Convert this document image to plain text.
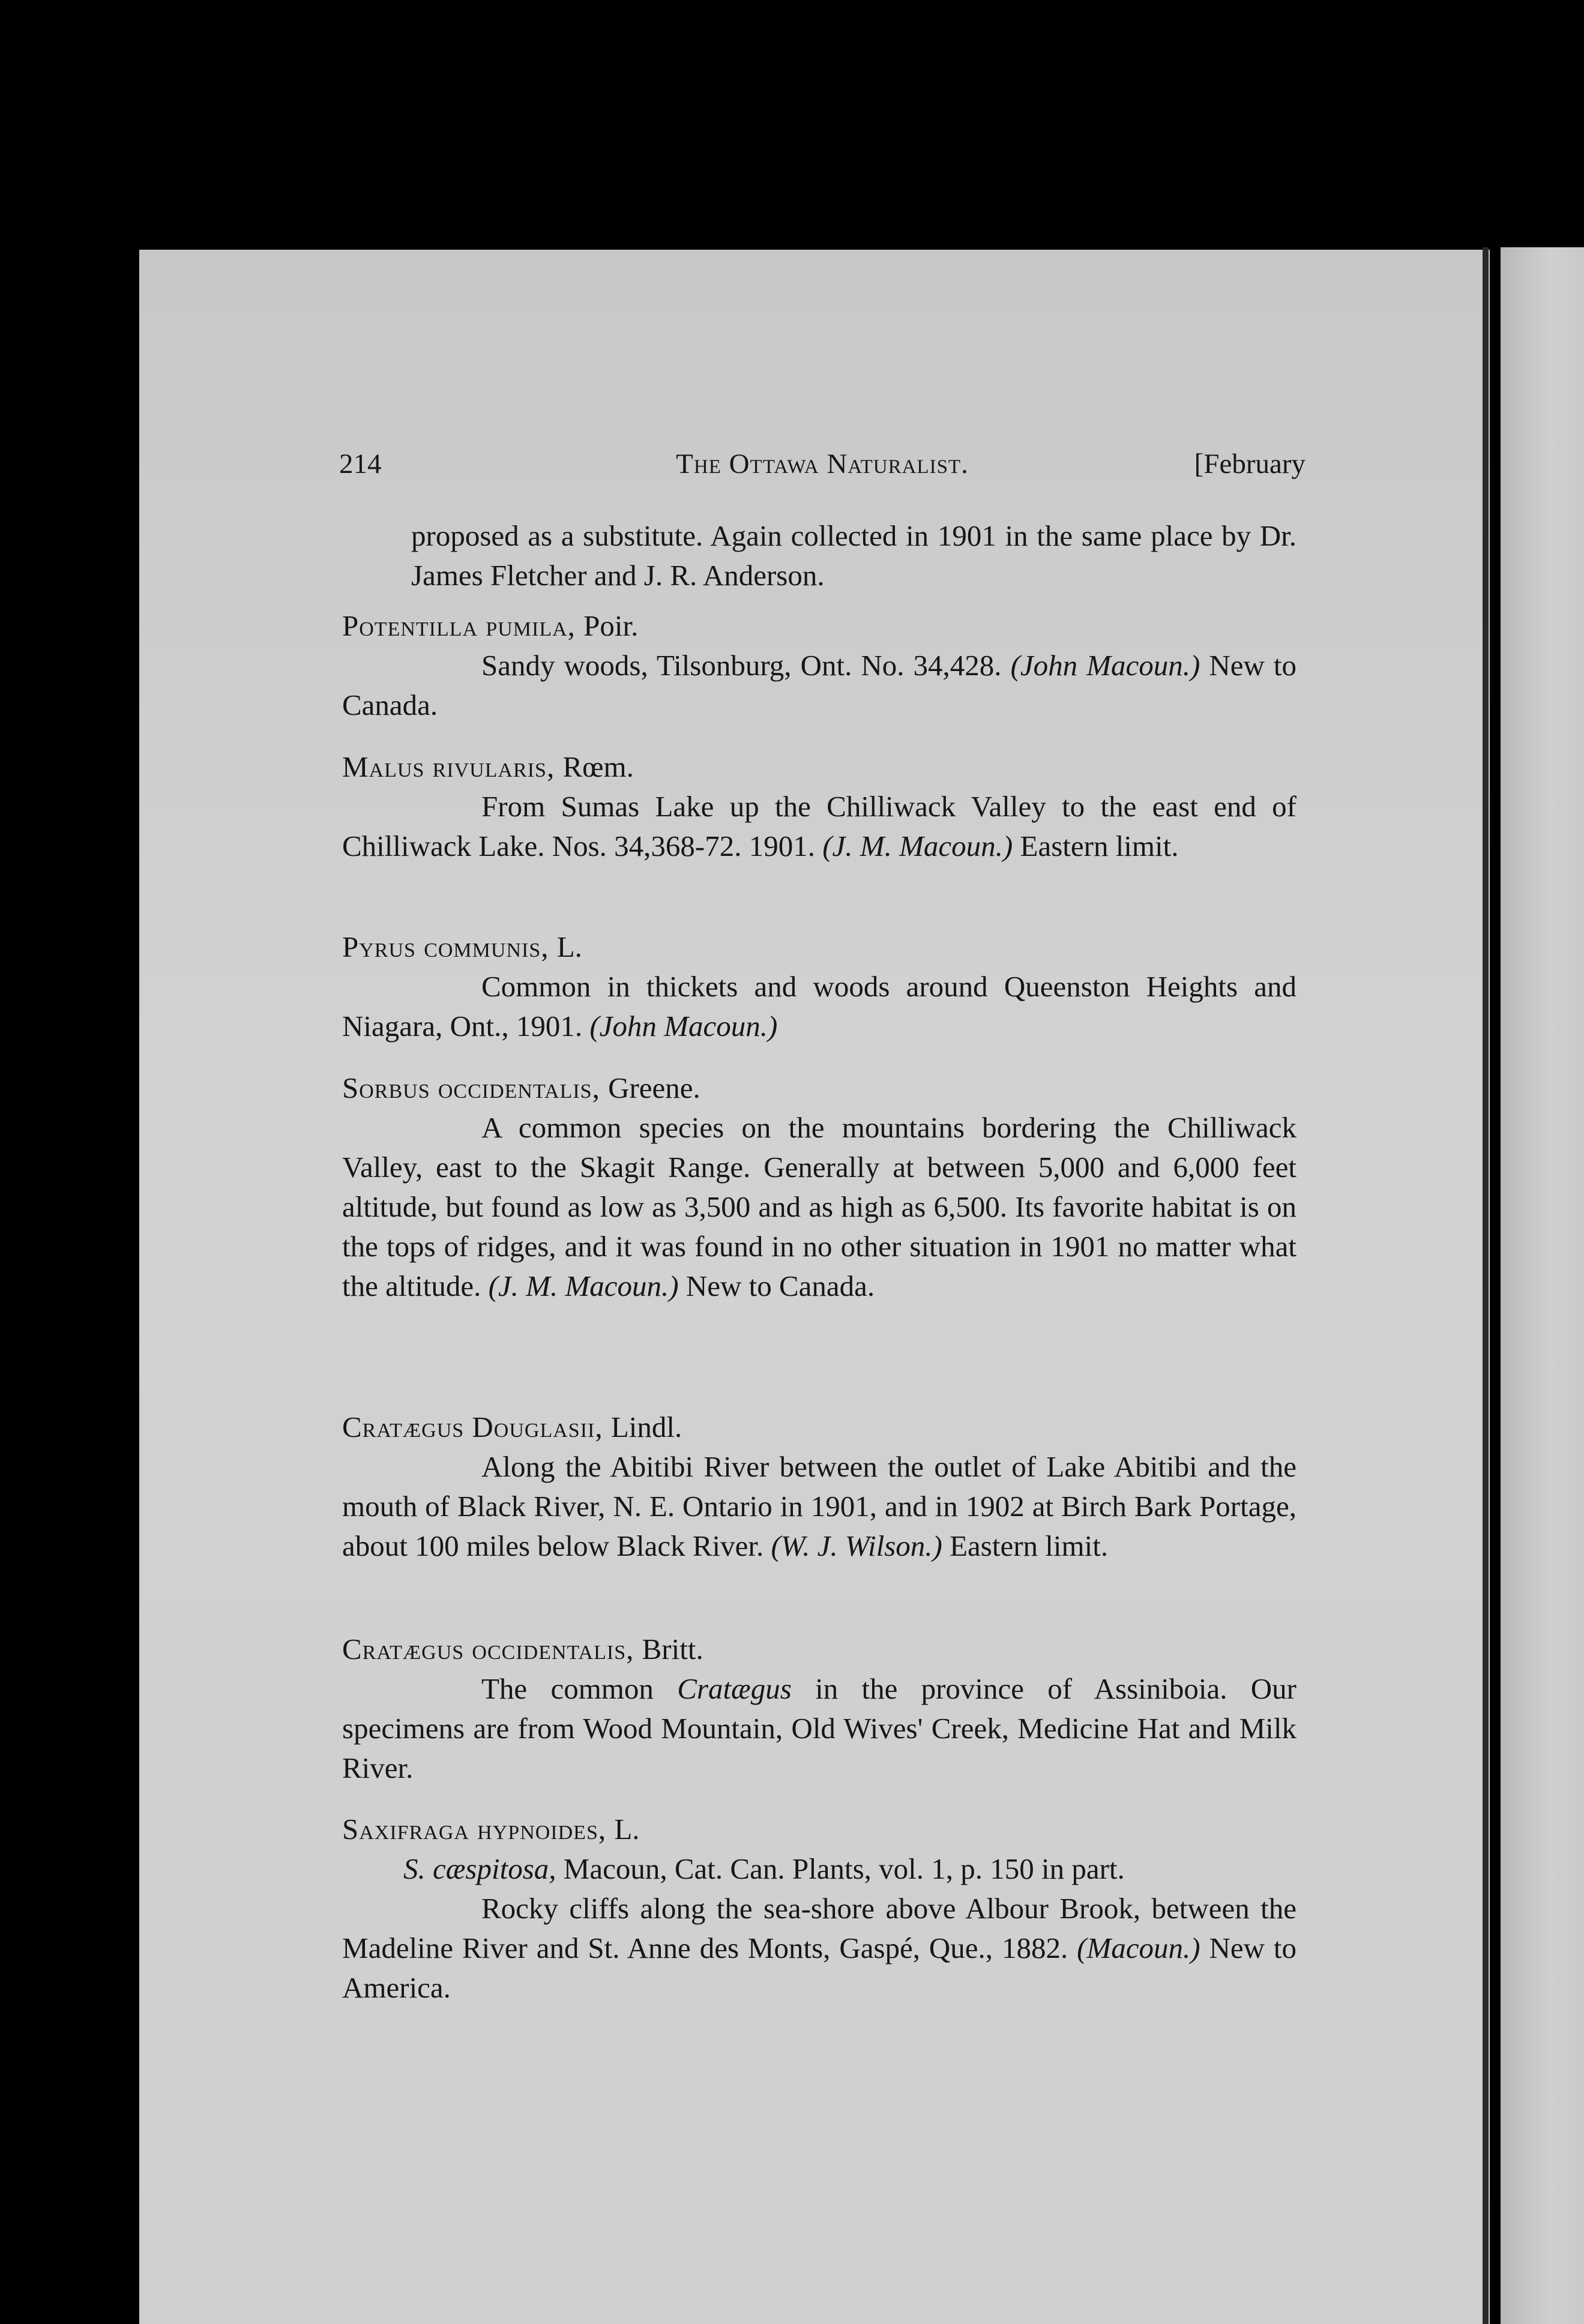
214	The Ottawa Naturalist.	[February

proposed as a substitute. Again collected in 1901 in the same place by Dr. James Fletcher and J. R. Anderson.

Potentilla pumila, Poir.

Sandy woods, Tilsonburg, Ont. No. 34,428. (John Macoun.) New to Canada.

Malus rivularis, Rœm.

From Sumas Lake up the Chilliwack Valley to the east end of Chilliwack Lake. Nos. 34,368-72. 1901. (J. M. Macoun.) Eastern limit.

Pyrus communis, L.

Common in thickets and woods around Queenston Heights and Niagara, Ont., 1901. (John Macoun.)

Sorbus occidentalis, Greene.

A common species on the mountains bordering the Chilliwack Valley, east to the Skagit Range. Generally at between 5,000 and 6,000 feet altitude, but found as low as 3,500 and as high as 6,500. Its favorite habitat is on the tops of ridges, and it was found in no other situation in 1901 no matter what the altitude. (J. M. Macoun.) New to Canada.

Cratægus Douglasii, Lindl.

Along the Abitibi River between the outlet of Lake Abitibi and the mouth of Black River, N. E. Ontario in 1901, and in 1902 at Birch Bark Portage, about 100 miles below Black River. (W. J. Wilson.) Eastern limit.

Cratægus occidentalis, Britt.

The common Cratægus in the province of Assiniboia. Our specimens are from Wood Mountain, Old Wives' Creek, Medicine Hat and Milk River.

Saxifraga hypnoides, L.

S. cæspitosa, Macoun, Cat. Can. Plants, vol. 1, p. 150 in part.

Rocky cliffs along the sea-shore above Albour Brook, between the Madeline River and St. Anne des Monts, Gaspé, Que., 1882. (Macoun.) New to America.
